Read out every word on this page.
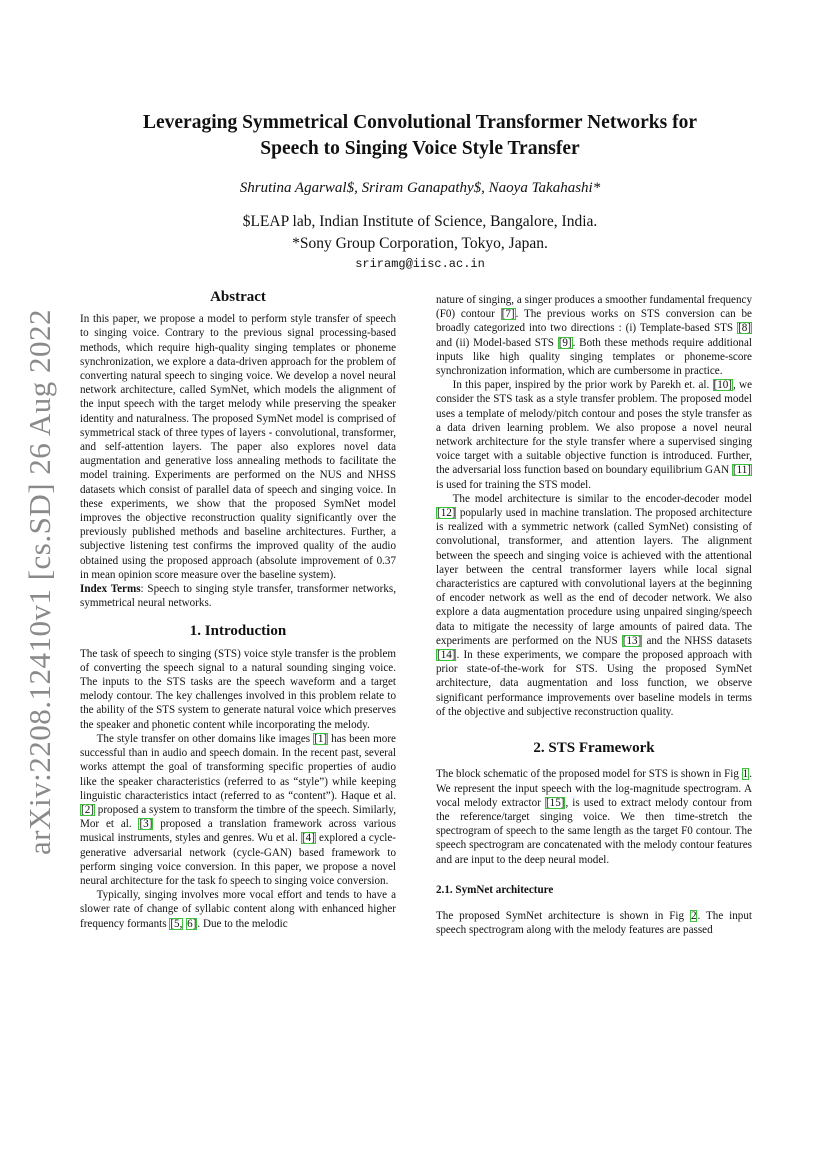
arXiv:2208.12410v1 [cs.SD] 26 Aug 2022
Leveraging Symmetrical Convolutional Transformer Networks for
Speech to Singing Voice Style Transfer
Shrutina Agarwal$, Sriram Ganapathy$, Naoya Takahashi*
$LEAP lab, Indian Institute of Science, Bangalore, India.
*Sony Group Corporation, Tokyo, Japan.
sriramg@iisc.ac.in
Abstract

In this paper, we propose a model to perform style transfer of speech to singing voice. Contrary to the previous signal processing-based methods, which require high-quality singing templates or phoneme synchronization, we explore a data-driven approach for the problem of converting natural speech to singing voice. We develop a novel neural network architecture, called SymNet, which models the alignment of the input speech with the target melody while preserving the speaker identity and naturalness. The proposed SymNet model is comprised of symmetrical stack of three types of layers - convolutional, transformer, and self-attention layers. The paper also explores novel data augmentation and generative loss annealing methods to facilitate the model training. Experiments are performed on the NUS and NHSS datasets which consist of parallel data of speech and singing voice. In these experiments, we show that the proposed SymNet model improves the objective reconstruction quality significantly over the previously published methods and baseline architectures. Further, a subjective listening test confirms the improved quality of the audio obtained using the proposed approach (absolute improvement of 0.37 in mean opinion score measure over the baseline system).

Index Terms: Speech to singing style transfer, transformer networks, symmetrical neural networks.

1. Introduction

The task of speech to singing (STS) voice style transfer is the problem of converting the speech signal to a natural sounding singing voice. The inputs to the STS tasks are the speech waveform and a target melody contour. The key challenges involved in this problem relate to the ability of the STS system to generate natural voice which preserves the speaker and phonetic content while incorporating the melody.

The style transfer on other domains like images [1] has been more successful than in audio and speech domain. In the recent past, several works attempt the goal of transforming specific properties of audio like the speaker characteristics (referred to as “style”) while keeping linguistic characteristics intact (referred to as “content”). Haque et al. [2] proposed a system to transform the timbre of the speech. Similarly, Mor et al. [3] proposed a translation framework across various musical instruments, styles and genres. Wu et al. [4] explored a cycle-generative adversarial network (cycle-GAN) based framework to perform singing voice conversion. In this paper, we propose a novel neural architecture for the task fo speech to singing voice conversion.

Typically, singing involves more vocal effort and tends to have a slower rate of change of syllabic content along with enhanced higher frequency formants [5, 6]. Due to the melodic

nature of singing, a singer produces a smoother fundamental frequency (F0) contour [7]. The previous works on STS conversion can be broadly categorized into two directions : (i) Template-based STS [8] and (ii) Model-based STS [9]. Both these methods require additional inputs like high quality singing templates or phoneme-score synchronization information, which are cumbersome in practice.

In this paper, inspired by the prior work by Parekh et. al. [10], we consider the STS task as a style transfer problem. The proposed model uses a template of melody/pitch contour and poses the style transfer as a data driven learning problem. We also propose a novel neural network architecture for the style transfer where a supervised singing voice target with a suitable objective function is introduced. Further, the adversarial loss function based on boundary equilibrium GAN [11] is used for training the STS model.

The model architecture is similar to the encoder-decoder model [12] popularly used in machine translation. The proposed architecture is realized with a symmetric network (called SymNet) consisting of convolutional, transformer, and attention layers. The alignment between the speech and singing voice is achieved with the attentional layer between the central transformer layers while local signal characteristics are captured with convolutional layers at the beginning of encoder network as well as the end of decoder network. We also explore a data augmentation procedure using unpaired singing/speech data to mitigate the necessity of large amounts of paired data. The experiments are performed on the NUS [13] and the NHSS datasets [14]. In these experiments, we compare the proposed approach with prior state-of-the-work for STS. Using the proposed SymNet architecture, data augmentation and loss function, we observe significant performance improvements over baseline models in terms of the objective and subjective reconstruction quality.

2. STS Framework

The block schematic of the proposed model for STS is shown in Fig 1. We represent the input speech with the log-magnitude spectrogram. A vocal melody extractor [15], is used to extract melody contour from the reference/target singing voice. We then time-stretch the spectrogram of speech to the same length as the target F0 contour. The speech spectrogram are concatenated with the melody contour features and are input to the deep neural model.

2.1. SymNet architecture

The proposed SymNet architecture is shown in Fig 2. The input speech spectrogram along with the melody features are passed
